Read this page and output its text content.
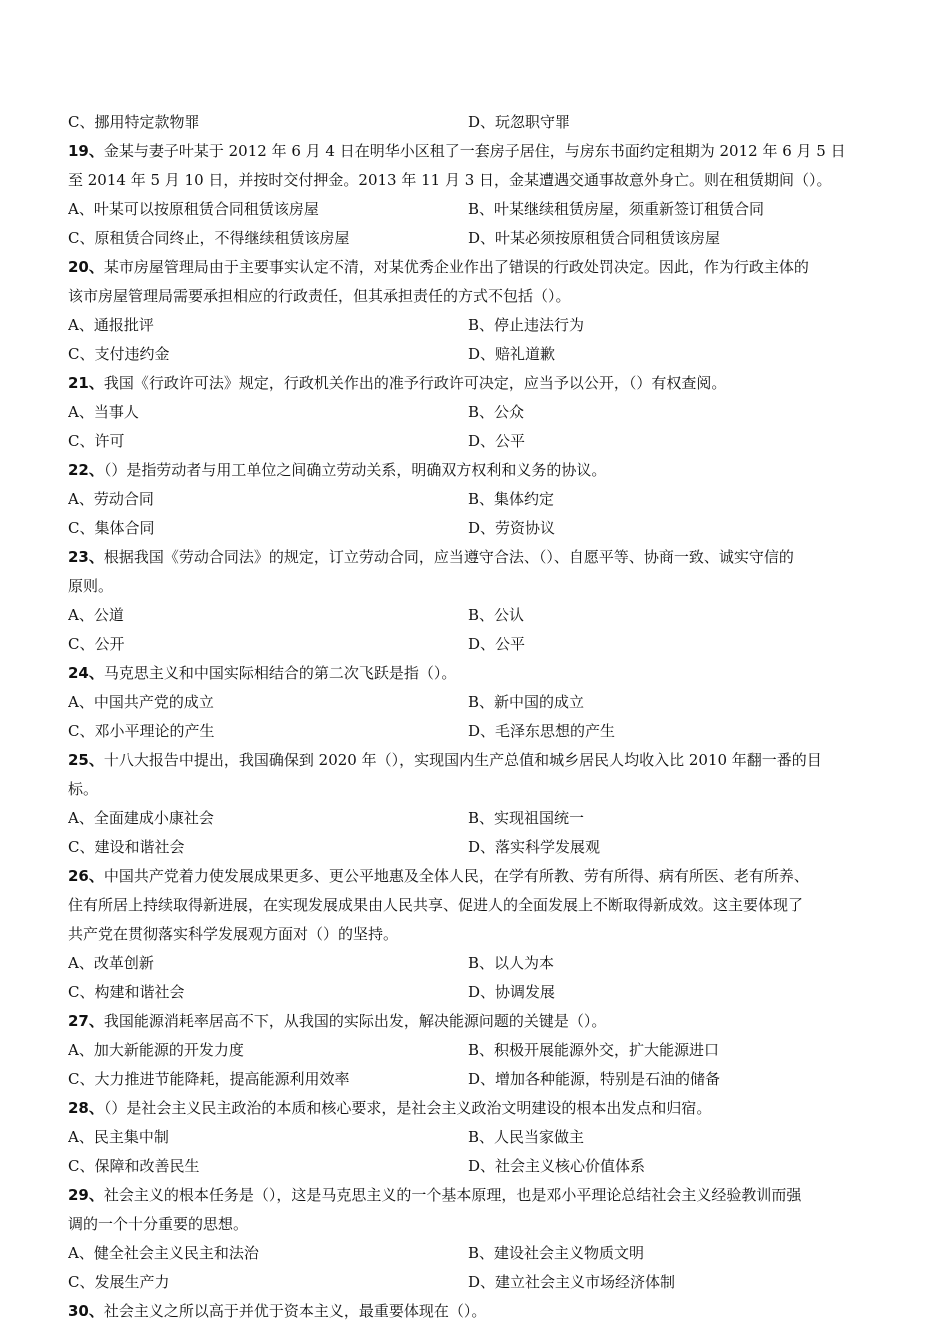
C、挪用特定款物罪	D、玩忽职守罪
19、金某与妻子叶某于 2012 年 6 月 4 日在明华小区租了一套房子居住，与房东书面约定租期为 2012 年 6 月 5 日
至 2014 年 5 月 10 日，并按时交付押金。2013 年 11 月 3 日，金某遭遇交通事故意外身亡。则在租赁期间（）。
A、叶某可以按原租赁合同租赁该房屋	B、叶某继续租赁房屋，须重新签订租赁合同
C、原租赁合同终止，不得继续租赁该房屋	D、叶某必须按原租赁合同租赁该房屋
20、某市房屋管理局由于主要事实认定不清，对某优秀企业作出了错误的行政处罚决定。因此，作为行政主体的
该市房屋管理局需要承担相应的行政责任，但其承担责任的方式不包括（）。
A、通报批评	B、停止违法行为
C、支付违约金	D、赔礼道歉
21、我国《行政许可法》规定，行政机关作出的准予行政许可决定，应当予以公开，（）有权查阅。
A、当事人	B、公众
C、许可	D、公平
22、（）是指劳动者与用工单位之间确立劳动关系，明确双方权利和义务的协议。
A、劳动合同	B、集体约定
C、集体合同	D、劳资协议
23、根据我国《劳动合同法》的规定，订立劳动合同，应当遵守合法、（）、自愿平等、协商一致、诚实守信的
原则。
A、公道	B、公认
C、公开	D、公平
24、马克思主义和中国实际相结合的第二次飞跃是指（）。
A、中国共产党的成立	B、新中国的成立
C、邓小平理论的产生	D、毛泽东思想的产生
25、十八大报告中提出，我国确保到 2020 年（），实现国内生产总值和城乡居民人均收入比 2010 年翻一番的目
标。
A、全面建成小康社会	B、实现祖国统一
C、建设和谐社会	D、落实科学发展观
26、中国共产党着力使发展成果更多、更公平地惠及全体人民，在学有所教、劳有所得、病有所医、老有所养、
住有所居上持续取得新进展，在实现发展成果由人民共享、促进人的全面发展上不断取得新成效。这主要体现了
共产党在贯彻落实科学发展观方面对（）的坚持。
A、改革创新	B、以人为本
C、构建和谐社会	D、协调发展
27、我国能源消耗率居高不下，从我国的实际出发，解决能源问题的关键是（）。
A、加大新能源的开发力度	B、积极开展能源外交，扩大能源进口
C、大力推进节能降耗，提高能源利用效率	D、增加各种能源，特别是石油的储备
28、（）是社会主义民主政治的本质和核心要求，是社会主义政治文明建设的根本出发点和归宿。
A、民主集中制	B、人民当家做主
C、保障和改善民生	D、社会主义核心价值体系
29、社会主义的根本任务是（），这是马克思主义的一个基本原理，也是邓小平理论总结社会主义经验教训而强
调的一个十分重要的思想。
A、健全社会主义民主和法治	B、建设社会主义物质文明
C、发展生产力	D、建立社会主义市场经济体制
30、社会主义之所以高于并优于资本主义，最重要体现在（）。
